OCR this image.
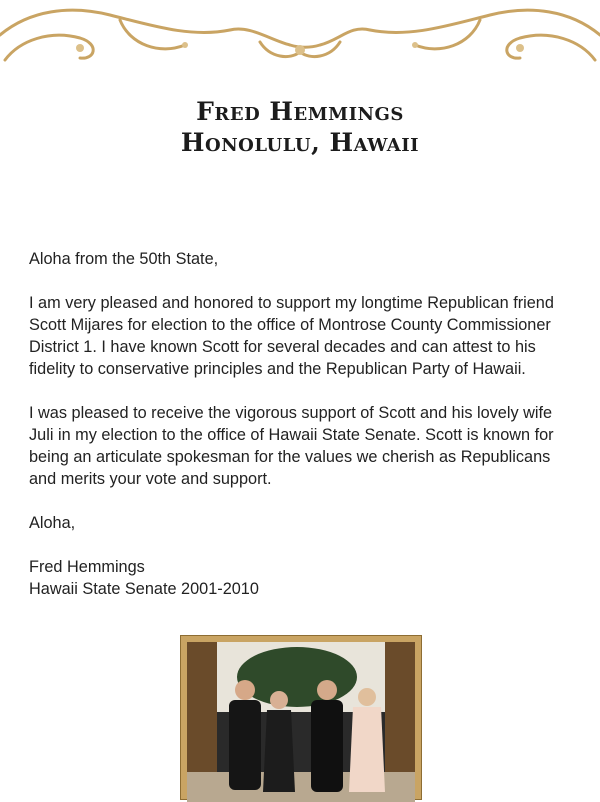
Fred Hemmings
Honolulu, Hawaii

Aloha from the 50th State,

I am very pleased and honored to support my longtime Republican friend Scott Mijares for election to the office of Montrose County Commissioner District 1. I have known Scott for several decades and can attest to his fidelity to conservative principles and the Republican Party of Hawaii.

I was pleased to receive the vigorous support of Scott and his lovely wife Juli in my election to the office of Hawaii State Senate. Scott is known for being an articulate spokesman for the values we cherish as Republicans and merits your vote and support.

Aloha,

Fred Hemmings

Hawaii State Senate 2001-2010
